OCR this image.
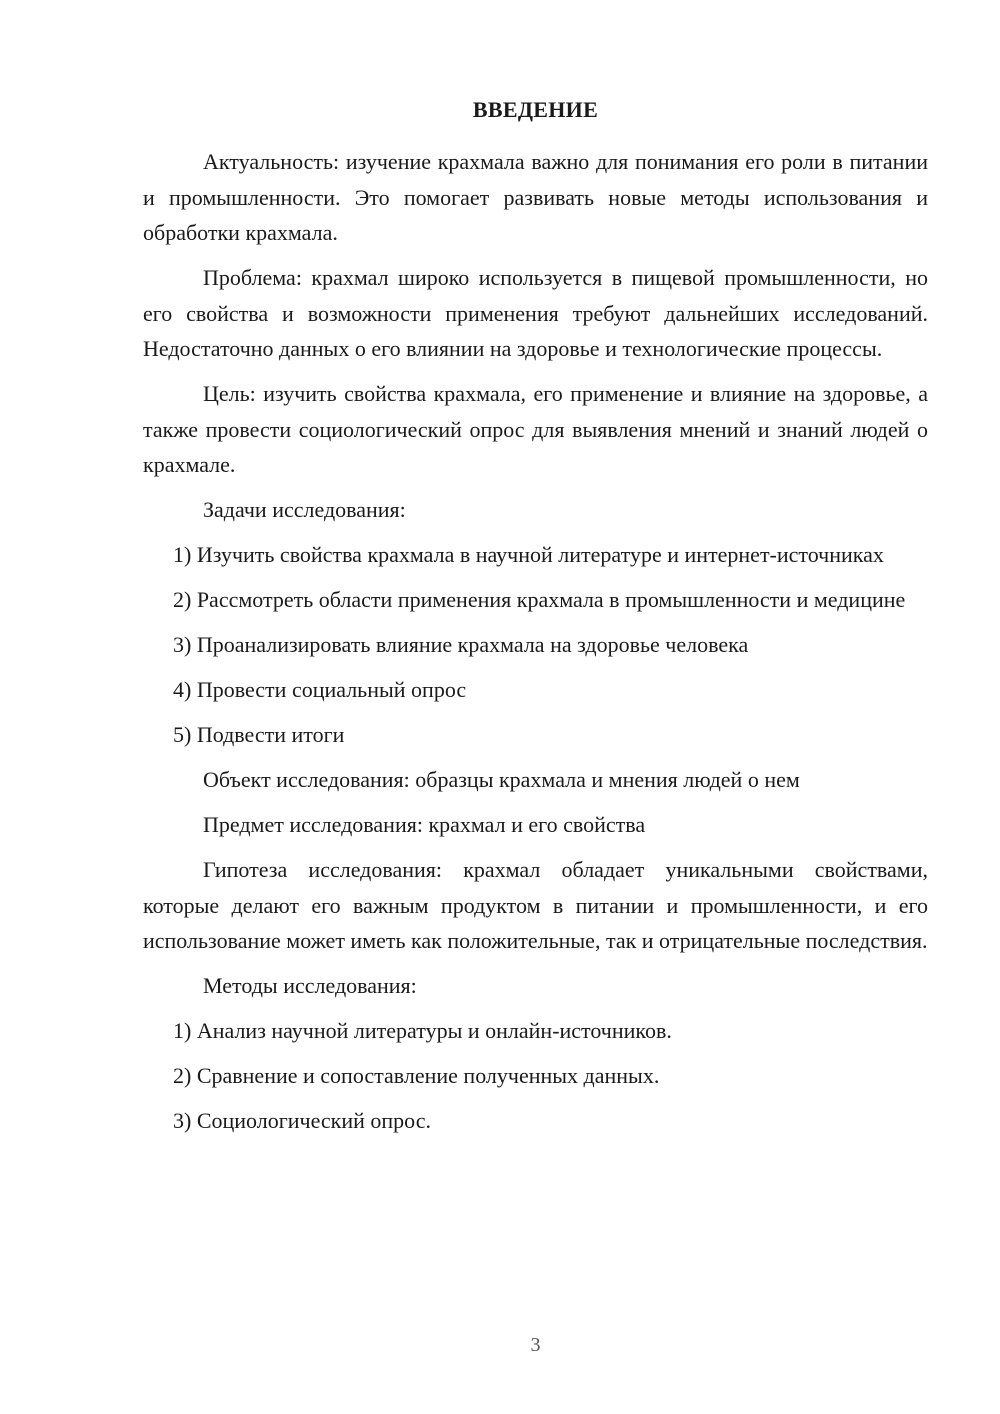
ВВЕДЕНИЕ

Актуальность: изучение крахмала важно для понимания его роли в питании и промышленности. Это помогает развивать новые методы использования и обработки крахмала.

Проблема: крахмал широко используется в пищевой промышленности, но его свойства и возможности применения требуют дальнейших исследований. Недостаточно данных о его влиянии на здоровье и технологические процессы.

Цель: изучить свойства крахмала, его применение и влияние на здоровье, а также провести социологический опрос для выявления мнений и знаний людей о крахмале.

Задачи исследования:

1) Изучить свойства крахмала в научной литературе и интернет-источниках

2) Рассмотреть области применения крахмала в промышленности и медицине

3) Проанализировать влияние крахмала на здоровье человека

4) Провести социальный опрос

5) Подвести итоги

Объект исследования: образцы крахмала и мнения людей о нем

Предмет исследования: крахмал и его свойства

Гипотеза исследования: крахмал обладает уникальными свойствами, которые делают его важным продуктом в питании и промышленности, и его использование может иметь как положительные, так и отрицательные последствия.

Методы исследования:

1) Анализ научной литературы и онлайн-источников.

2) Сравнение и сопоставление полученных данных.

3) Социологический опрос.

3
